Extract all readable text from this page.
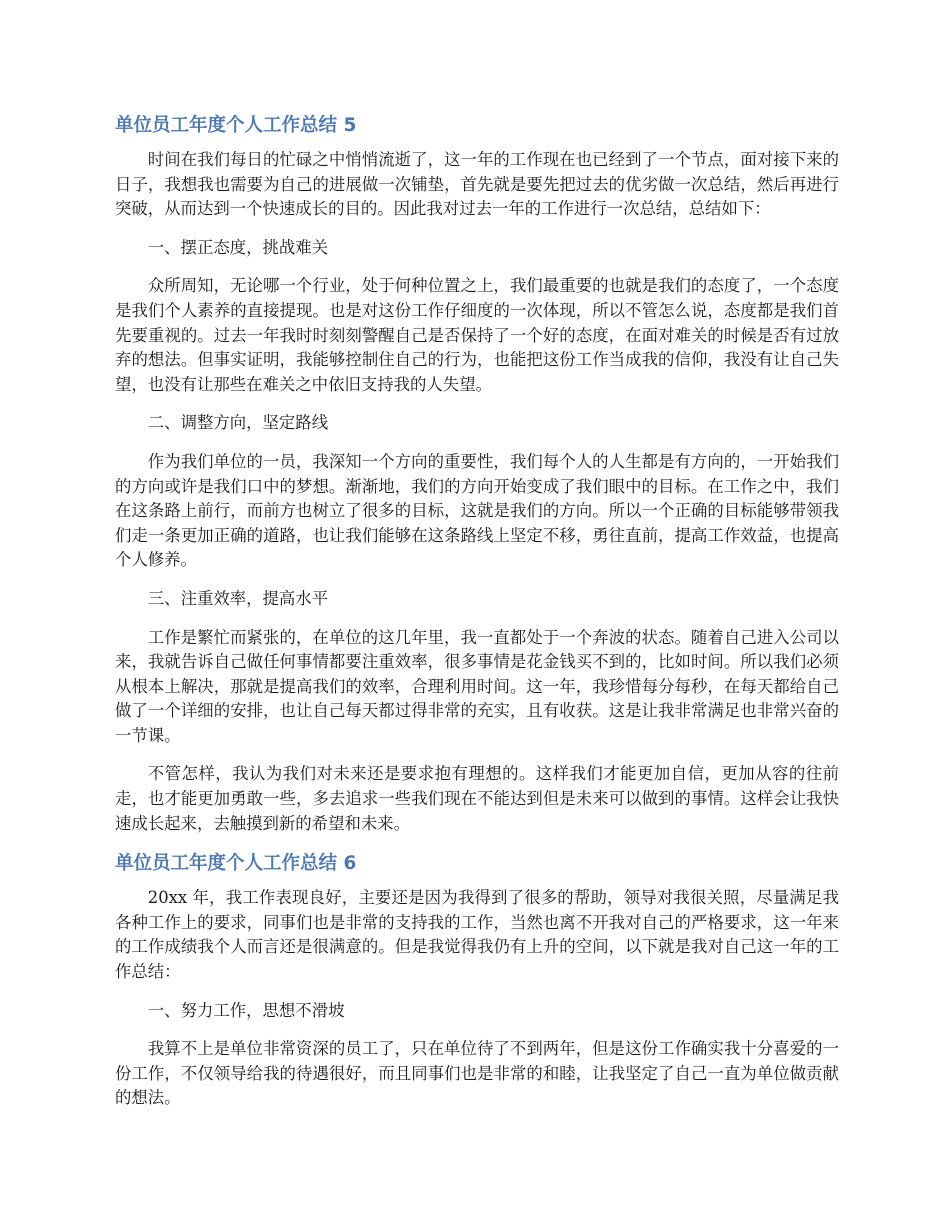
单位员工年度个人工作总结 5

时间在我们每日的忙碌之中悄悄流逝了，这一年的工作现在也已经到了一个节点，面对接下来的日子，我想我也需要为自己的进展做一次铺垫，首先就是要先把过去的优劣做一次总结，然后再进行突破，从而达到一个快速成长的目的。因此我对过去一年的工作进行一次总结，总结如下：

一、摆正态度，挑战难关

众所周知，无论哪一个行业，处于何种位置之上，我们最重要的也就是我们的态度了，一个态度是我们个人素养的直接提现。也是对这份工作仔细度的一次体现，所以不管怎么说，态度都是我们首先要重视的。过去一年我时时刻刻警醒自己是否保持了一个好的态度，在面对难关的时候是否有过放弃的想法。但事实证明，我能够控制住自己的行为，也能把这份工作当成我的信仰，我没有让自己失望，也没有让那些在难关之中依旧支持我的人失望。

二、调整方向，坚定路线

作为我们单位的一员，我深知一个方向的重要性，我们每个人的人生都是有方向的，一开始我们的方向或许是我们口中的梦想。渐渐地，我们的方向开始变成了我们眼中的目标。在工作之中，我们在这条路上前行，而前方也树立了很多的目标，这就是我们的方向。所以一个正确的目标能够带领我们走一条更加正确的道路，也让我们能够在这条路线上坚定不移，勇往直前，提高工作效益，也提高个人修养。

三、注重效率，提高水平

工作是繁忙而紧张的，在单位的这几年里，我一直都处于一个奔波的状态。随着自己进入公司以来，我就告诉自己做任何事情都要注重效率，很多事情是花金钱买不到的，比如时间。所以我们必须从根本上解决，那就是提高我们的效率，合理利用时间。这一年，我珍惜每分每秒，在每天都给自己做了一个详细的安排，也让自己每天都过得非常的充实，且有收获。这是让我非常满足也非常兴奋的一节课。

不管怎样，我认为我们对未来还是要求抱有理想的。这样我们才能更加自信，更加从容的往前走，也才能更加勇敢一些，多去追求一些我们现在不能达到但是未来可以做到的事情。这样会让我快速成长起来，去触摸到新的希望和未来。

单位员工年度个人工作总结 6

20xx 年，我工作表现良好，主要还是因为我得到了很多的帮助，领导对我很关照，尽量满足我各种工作上的要求，同事们也是非常的支持我的工作，当然也离不开我对自己的严格要求，这一年来的工作成绩我个人而言还是很满意的。但是我觉得我仍有上升的空间，以下就是我对自己这一年的工作总结：

一、努力工作，思想不滑坡

我算不上是单位非常资深的员工了，只在单位待了不到两年，但是这份工作确实我十分喜爱的一份工作，不仅领导给我的待遇很好，而且同事们也是非常的和睦，让我坚定了自己一直为单位做贡献的想法。
